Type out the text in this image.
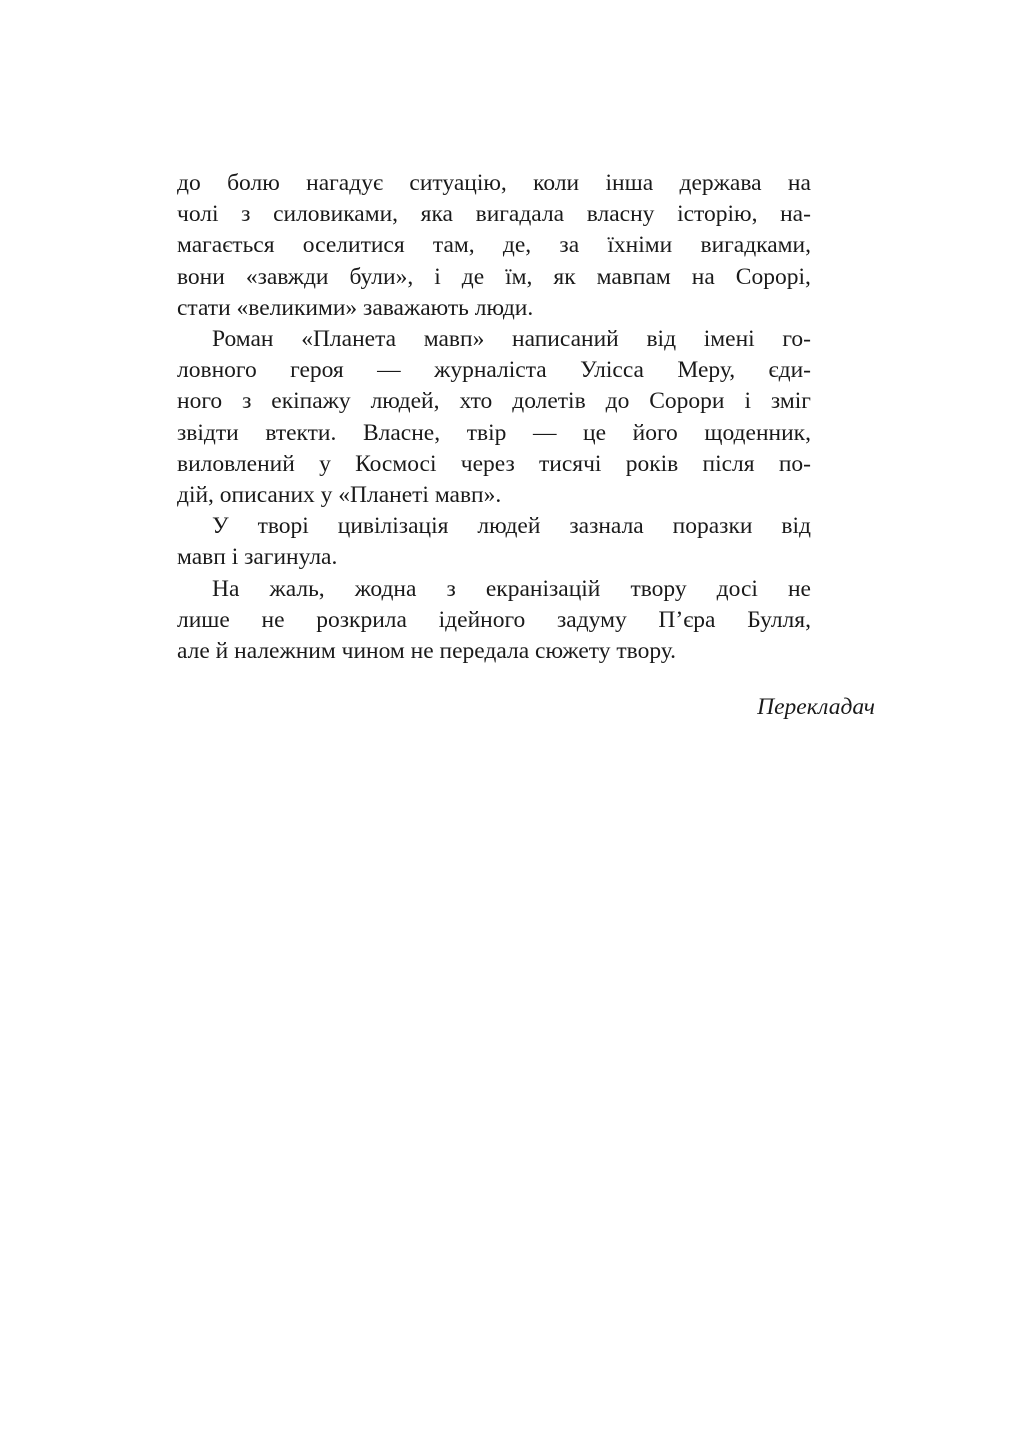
до болю нагадує ситуацію, коли інша держава на
чолі з силовиками, яка вигадала власну історію, на-
магається оселитися там, де, за їхніми вигадками,
вони «завжди були», і де їм, як мавпам на Сорорі,
стати «великими» заважають люди.
Роман «Планета мавп» написаний від імені го-
ловного героя — журналіста Улісса Меру, єди-
ного з екіпажу людей, хто долетів до Сорори і зміг
звідти втекти. Власне, твір — це його щоденник,
виловлений у Космосі через тисячі років після по-
дій, описаних у «Планеті мавп».
У творі цивілізація людей зазнала поразки від
мавп і загинула.
На жаль, жодна з екранізацій твору досі не
лише не розкрила ідейного задуму П’єра Булля,
але й належним чином не передала сюжету твору.
Перекладач
